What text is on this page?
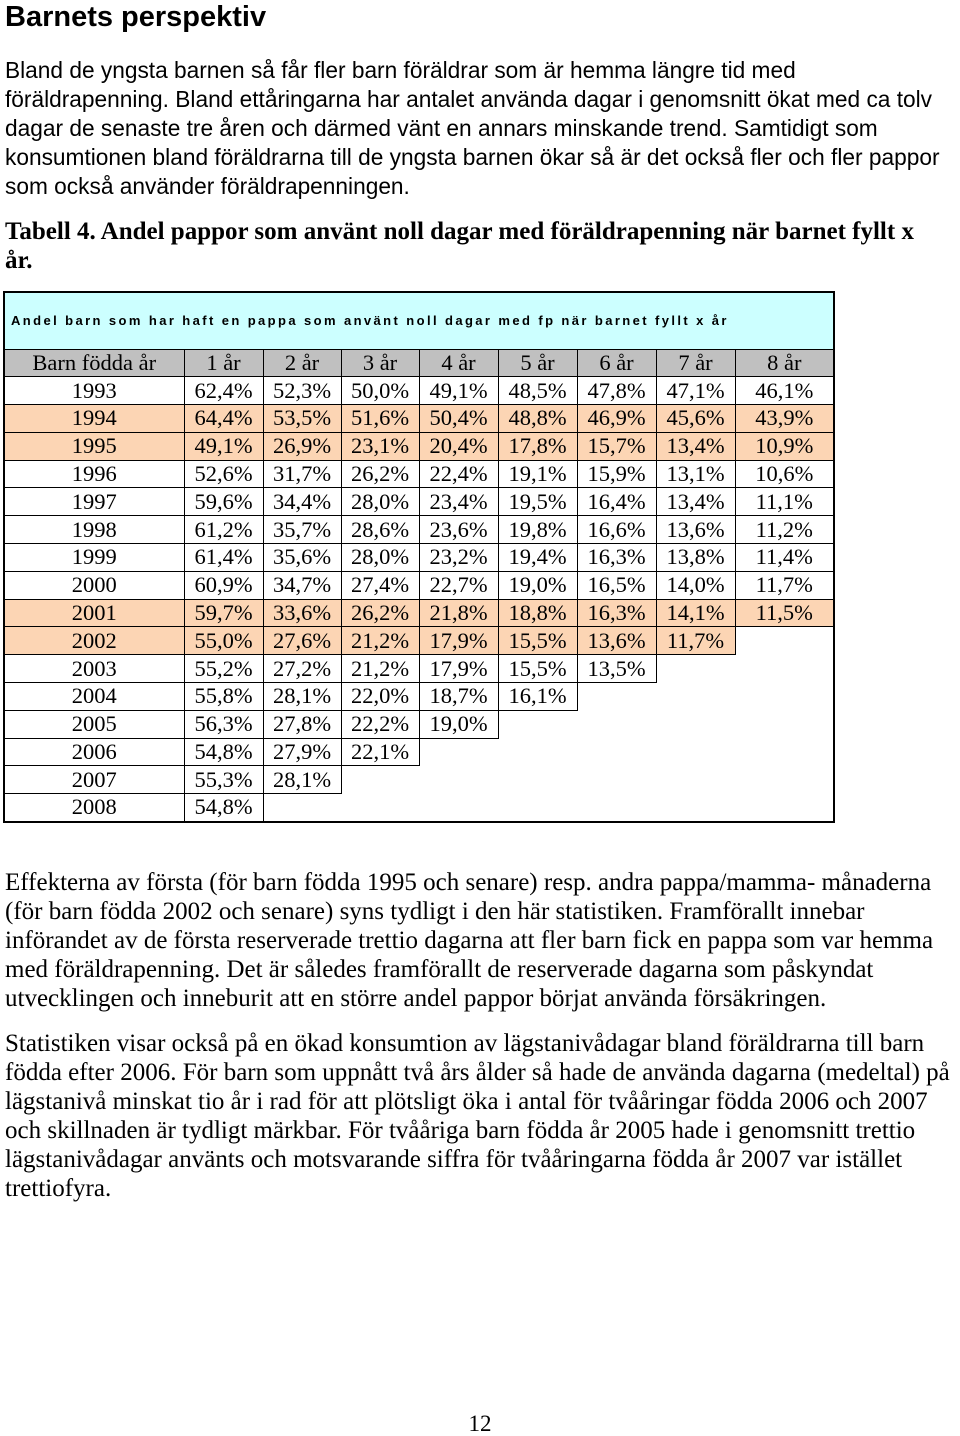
Barnets perspektiv
Bland de yngsta barnen så får fler barn föräldrar som är hemma längre tid med
föräldrapenning. Bland ettåringarna har antalet använda dagar i genomsnitt ökat med ca tolv
dagar de senaste tre åren och därmed vänt en annars minskande trend. Samtidigt som
konsumtionen bland föräldrarna till de yngsta barnen ökar så är det också fler och fler pappor
som också använder föräldrapenningen.
Tabell 4. Andel pappor som använt noll dagar med föräldrapenning när barnet fyllt x
år.
Andel barn som har haft en pappa som använt noll dagar med fp när barnet fyllt x år								
Barn födda år	1 år	2 år	3 år	4 år	5 år	6 år	7 år	8 år
1993	62,4%	52,3%	50,0%	49,1%	48,5%	47,8%	47,1%	46,1%
1994	64,4%	53,5%	51,6%	50,4%	48,8%	46,9%	45,6%	43,9%
1995	49,1%	26,9%	23,1%	20,4%	17,8%	15,7%	13,4%	10,9%
1996	52,6%	31,7%	26,2%	22,4%	19,1%	15,9%	13,1%	10,6%
1997	59,6%	34,4%	28,0%	23,4%	19,5%	16,4%	13,4%	11,1%
1998	61,2%	35,7%	28,6%	23,6%	19,8%	16,6%	13,6%	11,2%
1999	61,4%	35,6%	28,0%	23,2%	19,4%	16,3%	13,8%	11,4%
2000	60,9%	34,7%	27,4%	22,7%	19,0%	16,5%	14,0%	11,7%
2001	59,7%	33,6%	26,2%	21,8%	18,8%	16,3%	14,1%	11,5%
2002	55,0%	27,6%	21,2%	17,9%	15,5%	13,6%	11,7%	
2003	55,2%	27,2%	21,2%	17,9%	15,5%	13,5%		
2004	55,8%	28,1%	22,0%	18,7%	16,1%			
2005	56,3%	27,8%	22,2%	19,0%				
2006	54,8%	27,9%	22,1%					
2007	55,3%	28,1%						
2008	54,8%							
Effekterna av första (för barn födda 1995 och senare) resp. andra pappa/mamma- månaderna
(för barn födda 2002 och senare) syns tydligt i den här statistiken. Framförallt innebar
införandet av de första reserverade trettio dagarna att fler barn fick en pappa som var hemma
med föräldrapenning. Det är således framförallt de reserverade dagarna som påskyndat
utvecklingen och inneburit att en större andel pappor börjat använda försäkringen.
Statistiken visar också på en ökad konsumtion av lägstanivådagar bland föräldrarna till barn
födda efter 2006. För barn som uppnått två års ålder så hade de använda dagarna (medeltal) på
lägstanivå minskat tio år i rad för att plötsligt öka i antal för tvååringar födda 2006 och 2007
och skillnaden är tydligt märkbar. För tvååriga barn födda år 2005 hade i genomsnitt trettio
lägstanivådagar använts och motsvarande siffra för tvååringarna födda år 2007 var istället
trettiofyra.
12
